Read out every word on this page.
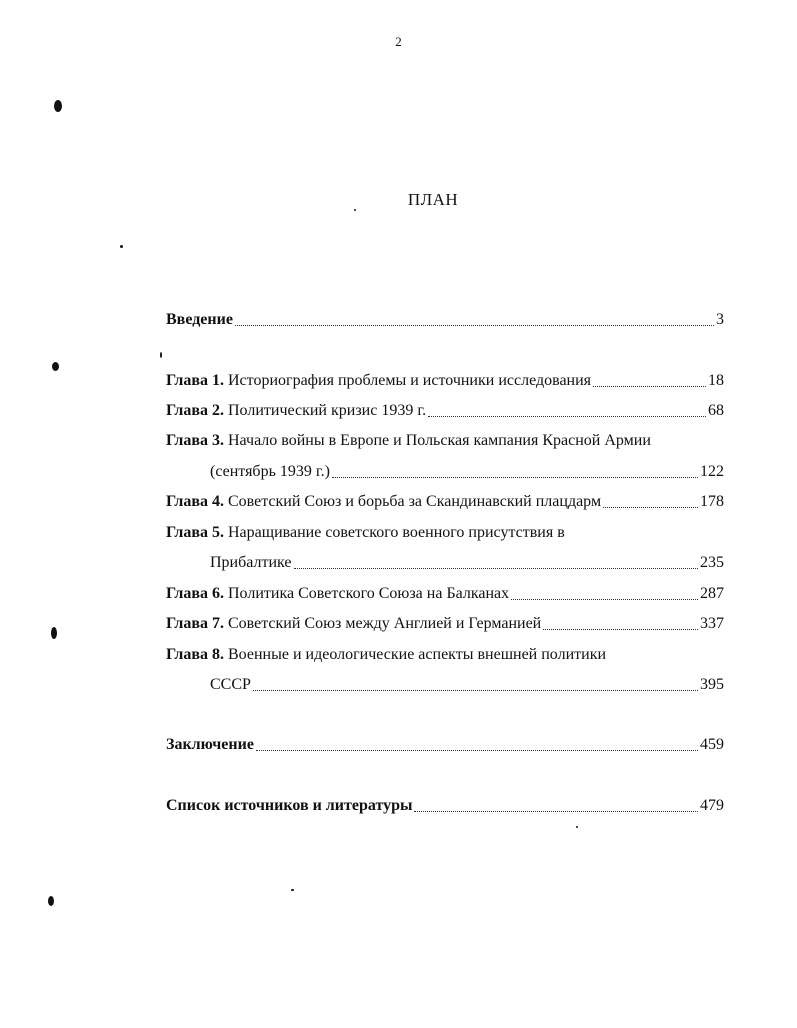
2
ПЛАН
Введение	3
Глава 1. Историография проблемы и источники исследования	18
Глава 2. Политический кризис 1939 г.	68
Глава 3. Начало войны в Европе и Польская кампания Красной Армии
(сентябрь 1939 г.)	122
Глава 4. Советский Союз и борьба за Скандинавский плацдарм	178
Глава 5. Наращивание советского военного присутствия в
Прибалтике	235
Глава 6. Политика Советского Союза на Балканах	287
Глава 7. Советский Союз между Англией и Германией	337
Глава 8. Военные и идеологические аспекты внешней политики
СССР	395
Заключение	459
Список источников и литературы	479
